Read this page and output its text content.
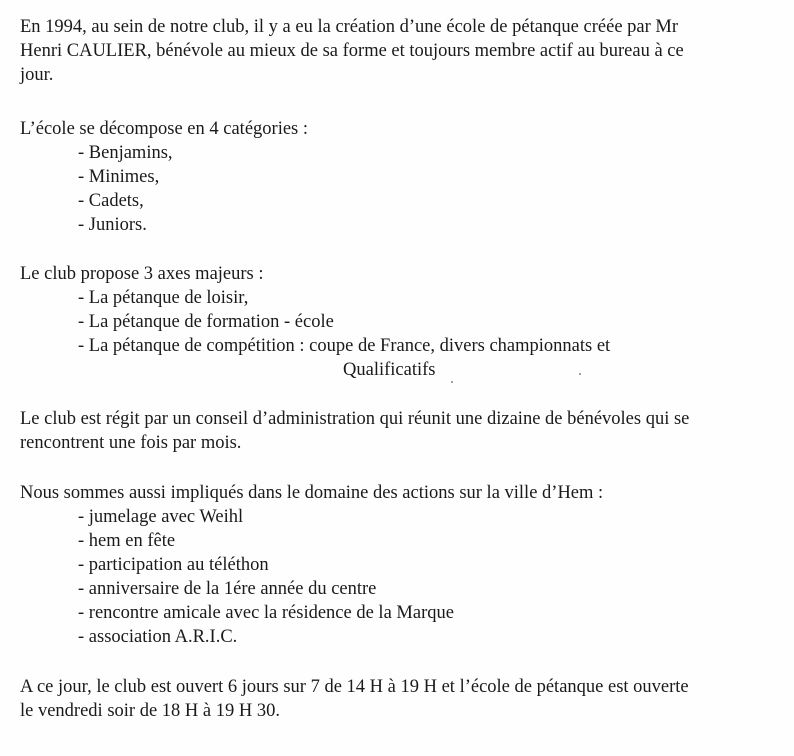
En 1994, au sein de notre club, il y a eu la création d’une école de pétanque créée par Mr
Henri CAULIER, bénévole au mieux de sa forme et toujours membre actif au bureau à ce
jour.
L’école se décompose en 4 catégories :
- Benjamins,
- Minimes,
- Cadets,
- Juniors.
Le club propose 3 axes majeurs :
- La pétanque de loisir,
- La pétanque de formation - école
- La pétanque de compétition : coupe de France, divers championnats et
Qualificatifs
Le club est régit par un conseil d’administration qui réunit une dizaine de bénévoles qui se
rencontrent une fois par mois.
Nous sommes aussi impliqués dans le domaine des actions sur la ville d’Hem :
- jumelage avec Weihl
- hem en fête
- participation au téléthon
- anniversaire de la 1ére année du centre
- rencontre amicale avec la résidence de la Marque
- association A.R.I.C.
A ce jour, le club est ouvert 6 jours sur 7 de 14 H à 19 H et l’école de pétanque est ouverte
le vendredi soir de 18 H à 19 H 30.
